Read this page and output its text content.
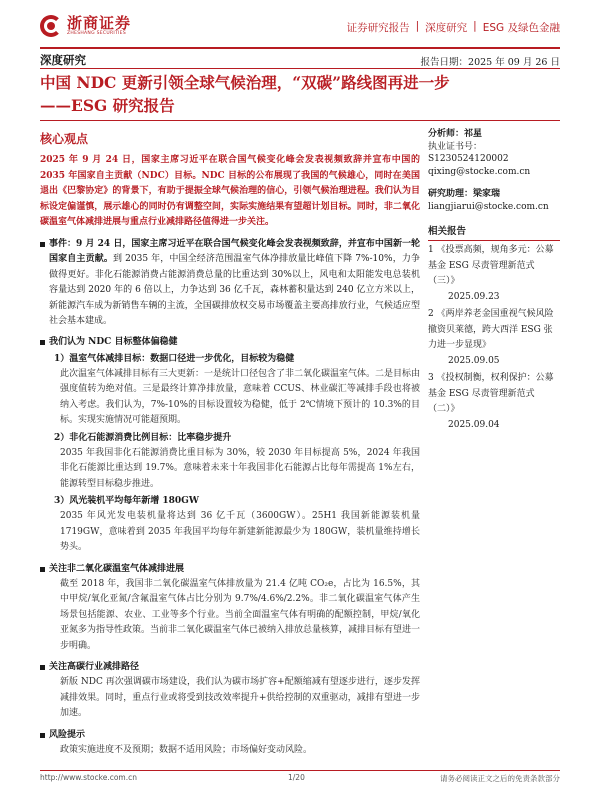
浙商证券
ZHESHANG SECURITIES	证券研究报告 | 深度研究 | ESG 及绿色金融
深度研究	报告日期：2025 年 09 月 26 日
中国 NDC 更新引领全球气候治理，“双碳”路线图再进一步
——ESG 研究报告
核心观点
2025 年 9 月 24 日，国家主席习近平在联合国气候变化峰会发表视频致辞并宣布中国的 2035 年国家自主贡献（NDC）目标。NDC 目标的公布展现了我国的气候雄心，同时在美国退出《巴黎协定》的背景下，有助于提振全球气候治理的信心，引领气候治理进程。我们认为目标设定偏谨慎，展示雄心的同时仍有调整空间，实际实施结果有望超计划目标。同时，非二氧化碳温室气体减排进展与重点行业减排路径值得进一步关注。
事件：9 月 24 日，国家主席习近平在联合国气候变化峰会发表视频致辞，并宣布中国新一轮国家自主贡献。到 2035 年，中国全经济范围温室气体净排放量比峰值下降 7%-10%，力争做得更好。非化石能源消费占能源消费总量的比重达到 30%以上，风电和太阳能发电总装机容量达到 2020 年的 6 倍以上，力争达到 36 亿千瓦，森林蓄积量达到 240 亿立方米以上，新能源汽车成为新销售车辆的主流，全国碳排放权交易市场覆盖主要高排放行业，气候适应型社会基本建成。
我们认为 NDC 目标整体偏稳健
1）温室气体减排目标：数据口径进一步优化，目标较为稳健
此次温室气体减排目标有三大更新：一是统计口径包含了非二氧化碳温室气体。二是目标由强度值转为绝对值。三是最终计算净排放量，意味着 CCUS、林业碳汇等减排手段也将被纳入考虑。我们认为，7%-10%的目标设置较为稳健，低于 2℃情境下预计的 10.3%的目标。实现实施情况可能超预期。
2）非化石能源消费比例目标：比率稳步提升
2035 年我国非化石能源消费比重目标为 30%，较 2030 年目标提高 5%，2024 年我国非化石能源比重达到 19.7%。意味着未来十年我国非化石能源占比每年需提高 1%左右，能源转型目标稳步推进。
3）风光装机平均每年新增 180GW
2035 年风光发电装机量将达到 36 亿千瓦（3600GW）。25H1 我国新能源装机量 1719GW，意味着到 2035 年我国平均每年新建新能源最少为 180GW，装机量维持增长势头。
关注非二氧化碳温室气体减排进展
截至 2018 年，我国非二氧化碳温室气体排放量为 21.4 亿吨 CO₂e，占比为 16.5%，其中甲烷/氧化亚氮/含氟温室气体占比分别为 9.7%/4.6%/2.2%。非二氧化碳温室气体产生场景包括能源、农业、工业等多个行业。当前全面温室气体有明确的配额控制，甲烷/氧化亚氮多为指导性政策。当前非二氧化碳温室气体已被纳入排放总量核算，减排目标有望进一步明确。
关注高碳行业减排路径
新版 NDC 再次强调碳市场建设，我们认为碳市场扩容+配额缩减有望逐步进行，逐步发挥减排效果。同时，重点行业或将受到技改效率提升+供给控制的双重驱动，减排有望进一步加速。
风险提示
政策实施进度不及预期；数据不适用风险；市场偏好变动风险。
分析师：祁星
执业证书号：S1230524120002
qixing@stocke.com.cn
研究助理：梁家瑞
liangjiarui@stocke.com.cn
相关报告
1 《投票高频，规角多元：公募基金 ESG 尽责管理新范式（三）》
2025.09.23
2 《两岸养老金国重视气候风险撤资贝莱德，跨大西洋 ESG 张力进一步显现》
2025.09.05
3 《投权制衡，权利保护：公募基金 ESG 尽责管理新范式（二）》
2025.09.04
http://www.stocke.com.cn	1/20	请务必阅读正文之后的免责条款部分
